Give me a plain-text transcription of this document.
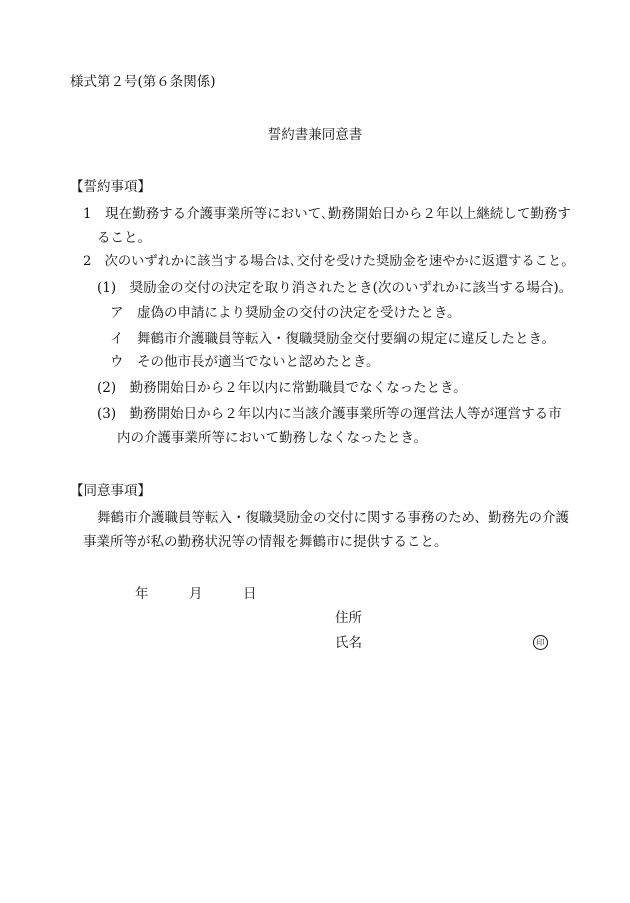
様式第２号(第６条関係)
誓約書兼同意書
【誓約事項】
1　現在勤務する介護事業所等において､勤務開始日から２年以上継続して勤務す
ること。
2　次のいずれかに該当する場合は､交付を受けた奨励金を速やかに返還すること。
(1)　奨励金の交付の決定を取り消されたとき(次のいずれかに該当する場合)。
ア　虚偽の申請により奨励金の交付の決定を受けたとき。
イ　舞鶴市介護職員等転入・復職奨励金交付要綱の規定に違反したとき。
ウ　その他市長が適当でないと認めたとき。
(2)　勤務開始日から２年以内に常勤職員でなくなったとき。
(3)　勤務開始日から２年以内に当該介護事業所等の運営法人等が運営する市
内の介護事業所等において勤務しなくなったとき。
【同意事項】
舞鶴市介護職員等転入・復職奨励金の交付に関する事務のため、勤務先の介護
事業所等が私の勤務状況等の情報を舞鶴市に提供すること。
年	月	日
住所
氏名	印
